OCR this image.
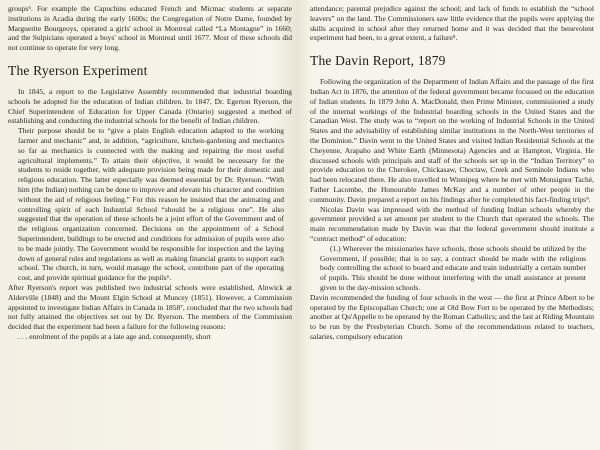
groups⁵. For example the Capuchins educated French and Micmac students at separate institutions in Acadia during the early 1600s; the Congregation of Notre Dame, founded by Marguerite Bourgeoys, operated a girls' school in Montreal called “La Montagne” in 1660; and the Sulpicians operated a boys' school in Montreal until 1677. Most of these schools did not continue to operate for very long.

The Ryerson Experiment

In 1845, a report to the Legislative Assembly recommended that industrial boarding schools be adopted for the education of Indian children. In 1847, Dr. Egerton Ryerson, the Chief Superintendent of Education for Upper Canada (Ontario) suggested a method of establishing and conducting the industrial schools for the benefit of Indian children.

Their purpose should be to “give a plain English education adapted to the working farmer and mechanic” and, in addition, “agriculture, kitchen-gardening and mechanics so far as mechanics is connected with the making and repairing the most useful agricultural implements.” To attain their objective, it would be necessary for the students to reside together, with adequate provision being made for their domestic and religious education. The latter especially was deemed essential by Dr. Ryerson. “With him (the Indian) nothing can be done to improve and elevate his character and condition without the aid of religious feeling.” For this reason he insisted that the animating and controlling spirit of each Industrial School “should be a religious one”. He also suggested that the operation of these schools be a joint effort of the Government and of the religious organization concerned. Decisions on the appointment of a School Superintendent, buildings to be erected and conditions for admission of pupils were also to be made jointly. The Government would be responsible for inspection and the laying down of general rules and regulations as well as making financial grants to support each school. The church, in turn, would manage the school, contribute part of the operating cost, and provide spiritual guidance for the pupils⁶.

After Ryerson's report was published two industrial schools were established, Alnwick at Alderville (1848) and the Mount Elgin School at Muncey (1851). However, a Commission appointed to investigate Indian Affairs in Canada in 1858⁷, concluded that the two schools had not fully attained the objectives set out by Dr. Ryerson. The members of the Commission decided that the experiment had been a failure for the following reasons:

. . . enrolment of the pupils at a late age and, consequently, short

attendance; parental prejudice against the school; and lack of funds to establish the “school leavers” on the land. The Commissioners saw little evidence that the pupils were applying the skills acquired in school after they returned home and it was decided that the benevolent experiment had been, to a great extent, a failure⁸.

The Davin Report, 1879

Following the organization of the Department of Indian Affairs and the passage of the first Indian Act in 1876, the attention of the federal government became focussed on the education of Indian students. In 1879 John A. MacDonald, then Prime Minister, commissioned a study of the internal workings of the Industrial boarding schools in the United States and the Canadian West. The study was to “report on the working of Industrial Schools in the United States and the advisability of establishing similar institutions in the North-West territories of the Dominion.” Davin went to the United States and visited Indian Residential Schools at the Cheyenne, Arapaho and White Earth (Minnesota) Agencies and at Hampton, Virginia. He discussed schools with principals and staff of the schools set up in the “Indian Territory” to provide education to the Cherokee, Chickasaw, Choctaw, Creek and Seminole Indians who had been relocated there. He also travelled to Winnipeg where he met with Monsignor Taché, Father Lacombe, the Honourable James McKay and a number of other people in the community. Davin prepared a report on his findings after he completed his fact-finding trips⁹.

Nicolas Davin was impressed with the method of funding Indian schools whereby the government provided a set amount per student to the Church that operated the schools. The main recommendation made by Davin was that the federal government should institute a “contract method” of education:

(1.) Wherever the missionaries have schools, those schools should be utilized by the Government, if possible; that is to say, a contract should be made with the religious body controlling the school to board and educate and train industrially a certain number of pupils. This should be done without interfering with the small assistance at present given to the day-mission schools.

Davin recommended the funding of four schools in the west — the first at Prince Albert to be operated by the Episcopalian Church; one at Old Bow Fort to be operated by the Methodists; another at Qu'Appelle to be operated by the Roman Catholics; and the last at Riding Mountain to be run by the Presbyterian Church. Some of the recommendations related to teachers, salaries, compulsory education
